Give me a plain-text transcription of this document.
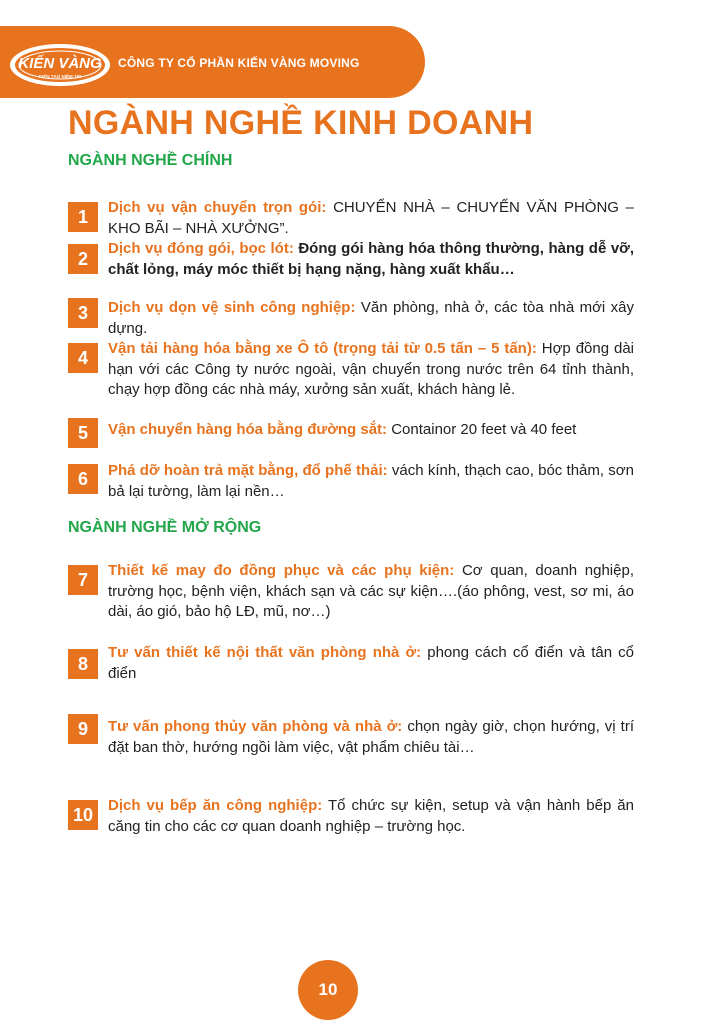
KIẾN VÀNG
KIẾN TẠO NIỀM TIN
CÔNG TY CỔ PHẦN KIẾN VÀNG MOVING
NGÀNH NGHỀ KINH DOANH
NGÀNH NGHỀ CHÍNH
1	Dịch vụ vận chuyển trọn gói: CHUYỂN NHÀ – CHUYỂN VĂN PHÒNG – KHO BÃI – NHÀ XƯỞNG”.
2	Dịch vụ đóng gói, bọc lót: Đóng gói hàng hóa thông thường, hàng dễ vỡ, chất lỏng, máy móc thiết bị hạng nặng, hàng xuất khẩu…
3	Dịch vụ dọn vệ sinh công nghiệp: Văn phòng, nhà ở, các tòa nhà mới xây dựng.
4	Vận tải hàng hóa bằng xe Ô tô (trọng tải từ 0.5 tấn – 5 tấn): Hợp đồng dài hạn với các Công ty nước ngoài, vận chuyển trong nước trên 64 tỉnh thành, chạy hợp đồng các nhà máy, xưởng sản xuất, khách hàng lẻ.
5	Vận chuyển hàng hóa bằng đường sắt: Containor 20 feet và 40 feet
6	Phá dỡ hoàn trả mặt bằng, đổ phế thải: vách kính, thạch cao, bóc thảm, sơn bả lại tường, làm lại nền…
NGÀNH NGHỀ MỞ RỘNG
7	Thiết kế may đo đồng phục và các phụ kiện: Cơ quan, doanh nghiệp, trường học, bệnh viện, khách sạn và các sự kiện….(áo phông, vest, sơ mi, áo dài, áo gió, bảo hộ LĐ, mũ, nơ…)
8
Tư vấn thiết kế nội thất văn phòng nhà ở: phong cách cổ điển và tân cổ điển
9	Tư vấn phong thủy văn phòng và nhà ở: chọn ngày giờ, chọn hướng, vị trí đặt ban thờ, hướng ngồi làm việc, vật phẩm chiêu tài…
10 Dịch vụ bếp ăn công nghiệp: Tổ chức sự kiện, setup và vận hành bếp ăn căng tin cho các cơ quan doanh nghiệp – trường học.
10
